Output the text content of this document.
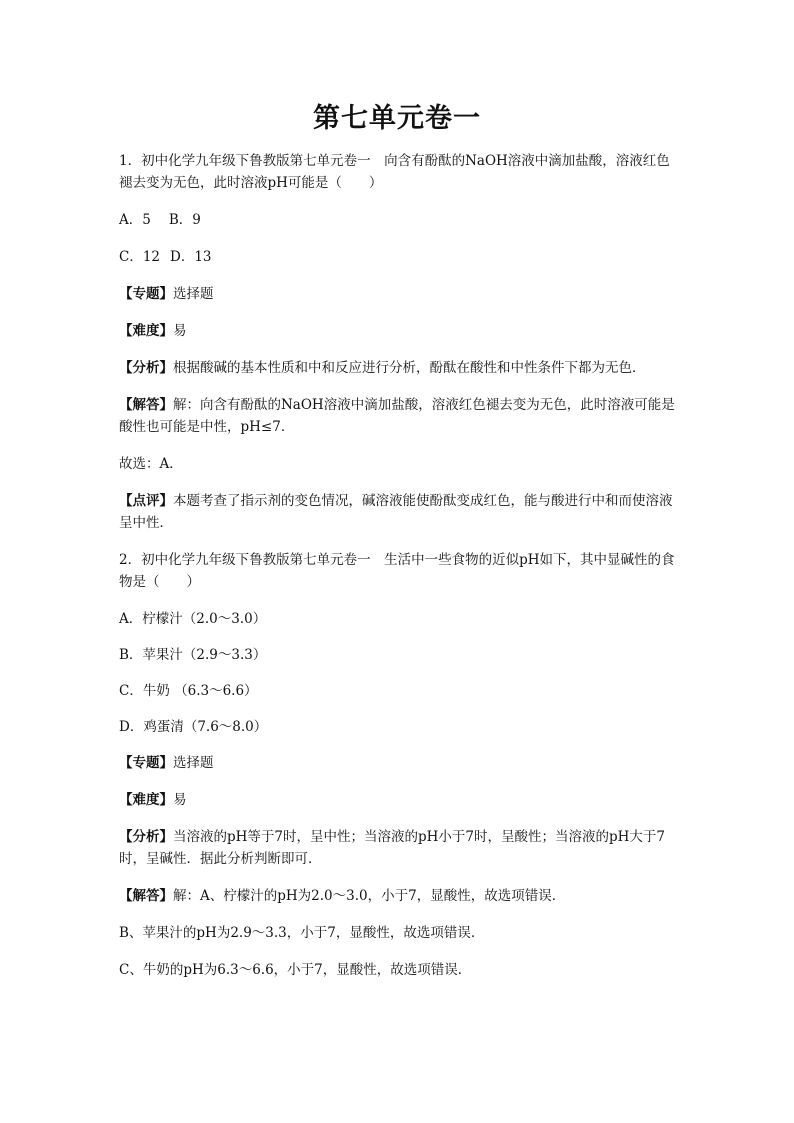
第七单元卷一

1．初中化学九年级下鲁教版第七单元卷一　向含有酚酞的NaOH溶液中滴加盐酸，溶液红色褪去变为无色，此时溶液pH可能是（　　）

A．5 B．9

C．12 D．13

【专题】选择题

【难度】易

【分析】根据酸碱的基本性质和中和反应进行分析，酚酞在酸性和中性条件下都为无色．

【解答】解：向含有酚酞的NaOH溶液中滴加盐酸，溶液红色褪去变为无色，此时溶液可能是酸性也可能是中性，pH≤7．

故选：A．

【点评】本题考查了指示剂的变色情况，碱溶液能使酚酞变成红色，能与酸进行中和而使溶液呈中性．

2．初中化学九年级下鲁教版第七单元卷一　生活中一些食物的近似pH如下，其中显碱性的食物是（　　）

A．柠檬汁（2.0～3.0）

B．苹果汁（2.9～3.3）

C．牛奶 （6.3～6.6）

D．鸡蛋清（7.6～8.0）

【专题】选择题

【难度】易

【分析】当溶液的pH等于7时，呈中性；当溶液的pH小于7时，呈酸性；当溶液的pH大于7时，呈碱性．据此分析判断即可．

【解答】解：A、柠檬汁的pH为2.0～3.0，小于7，显酸性，故选项错误．

B、苹果汁的pH为2.9～3.3，小于7，显酸性，故选项错误．

C、牛奶的pH为6.3～6.6，小于7，显酸性，故选项错误．
